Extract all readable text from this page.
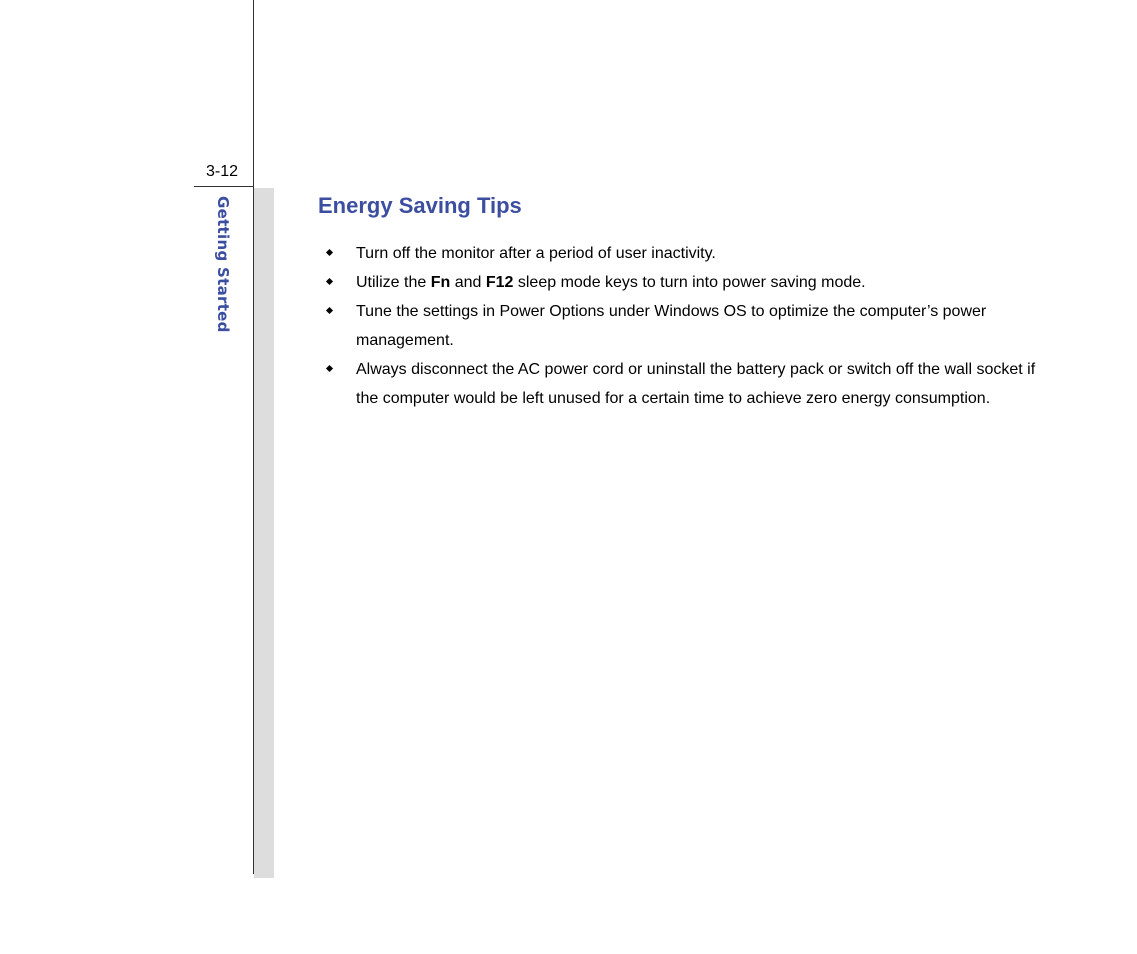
3-12
Getting Started	Energy Saving Tips
Turn off the monitor after a period of user inactivity.
Utilize the Fn and F12 sleep mode keys to turn into power saving mode.
Tune the settings in Power Options under Windows OS to optimize the computer’s power management.
Always disconnect the AC power cord or uninstall the battery pack or switch off the wall socket if the computer would be left unused for a certain time to achieve zero energy consumption.
